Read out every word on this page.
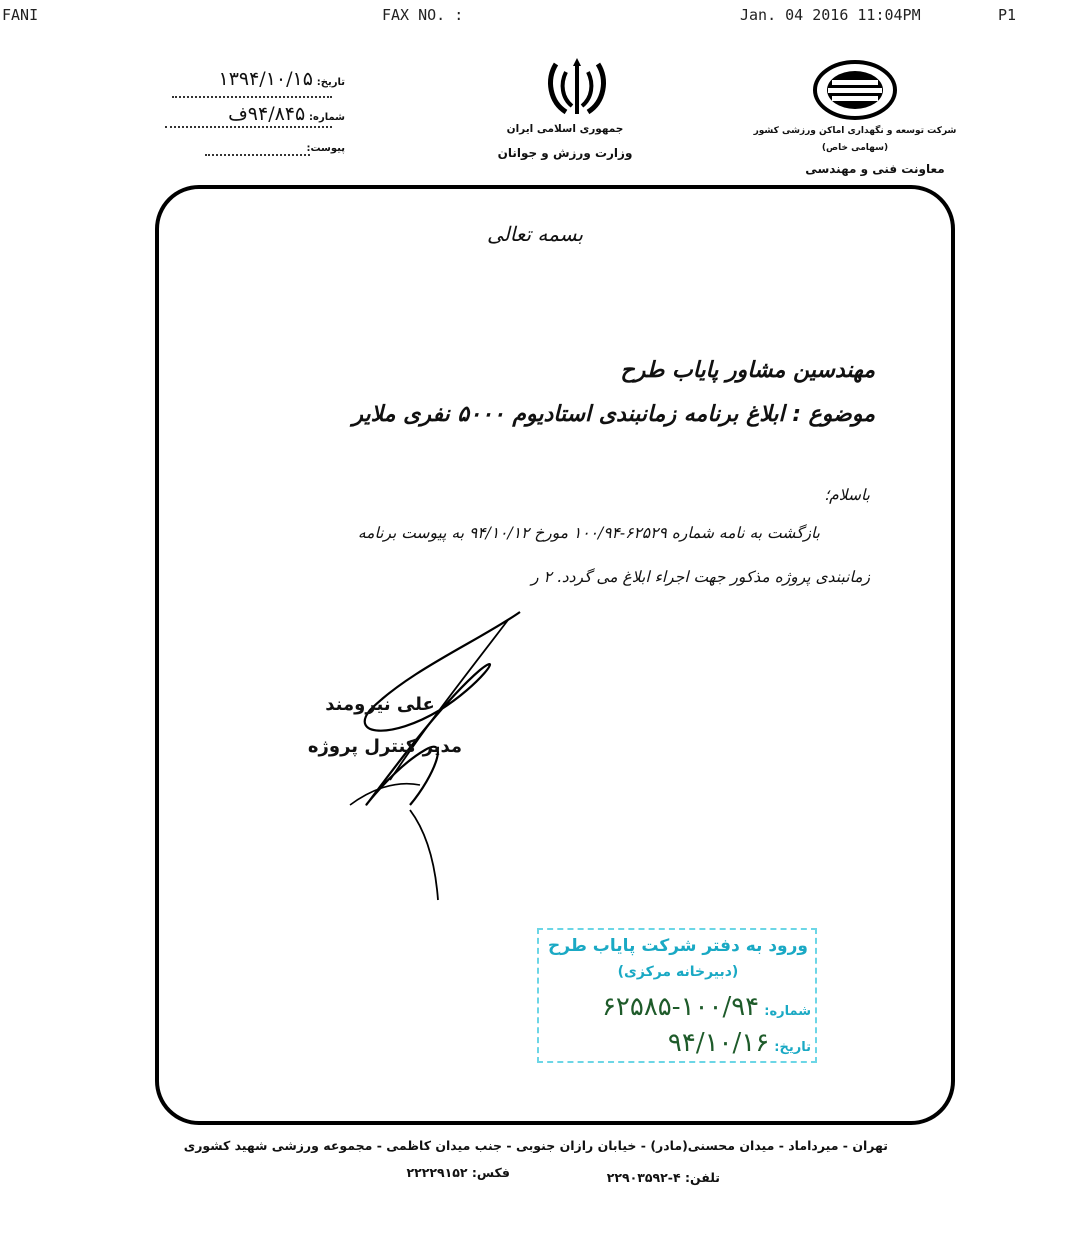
FANI	FAX NO. :	Jan. 04 2016 11:04PM	P1
تاریخ: ۱۳۹۴/۱۰/۱۵
شماره: ۹۴/۸۴۵ف
پیوست:
جمهوری اسلامی ایران
وزارت ورزش و جوانان
شرکت توسعه و نگهداری اماکن ورزشی کشور
(سهامی خاص)
معاونت فنی و مهندسی
بسمه تعالی
مهندسین مشاور پایاب طرح
موضوع : ابلاغ برنامه زمانبندی استادیوم ۵۰۰۰ نفری ملایر
باسلام؛
بازگشت به نامه شماره ۶۲۵۲۹-۱۰۰/۹۴ مورخ ۹۴/۱۰/۱۲ به پیوست برنامه
زمانبندی پروژه مذکور جهت اجراء ابلاغ می گردد. ۲ ر
علی نیرومند
مدیر کنترل پروژه
ورود به دفتر شرکت پایاب طرح
(دبیرخانه مرکزی)
شماره: ۱۰۰/۹۴-۶۲۵۸۵
تاریخ: ۹۴/۱۰/۱۶
تهران - میرداماد - میدان محسنی(مادر) - خیابان رازان جنوبی - جنب میدان کاظمی - مجموعه ورزشی شهید کشوری
تلفن: ۴-۲۲۹۰۳۵۹۲
فکس: ۲۲۲۲۹۱۵۲
